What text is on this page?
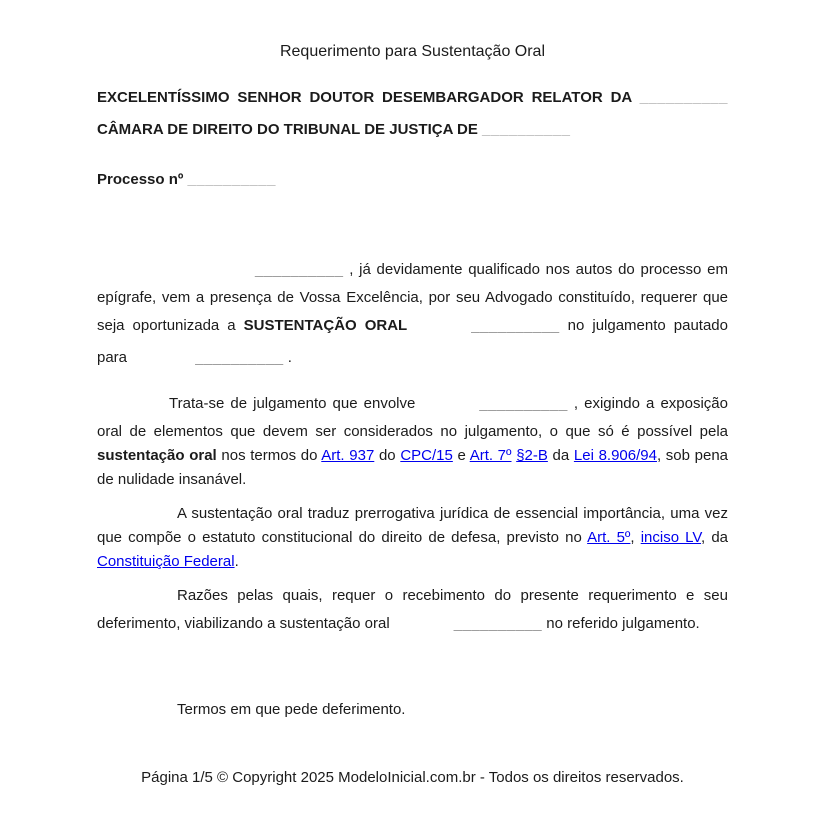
Requerimento para Sustentação Oral

EXCELENTÍSSIMO SENHOR DOUTOR DESEMBARGADOR RELATOR DA __________ CÂMARA DE DIREITO DO TRIBUNAL DE JUSTIÇA DE __________

Processo nº __________

__________ , já devidamente qualificado nos autos do processo em epígrafe, vem a presença de Vossa Excelência, por seu Advogado constituído, requerer que seja oportunizada a SUSTENTAÇÃO ORAL	__________ no julgamento pautado para	__________ .

Trata-se de julgamento que envolve	__________ , exigindo a exposição oral de elementos que devem ser considerados no julgamento, o que só é possível pela sustentação oral nos termos do Art. 937 do CPC/15 e Art. 7º §2-B da Lei 8.906/94, sob pena de nulidade insanável.

A sustentação oral traduz prerrogativa jurídica de essencial importância, uma vez que compõe o estatuto constitucional do direito de defesa, previsto no Art. 5º, inciso LV, da Constituição Federal.

Razões pelas quais, requer o recebimento do presente requerimento e seu deferimento, viabilizando a sustentação oral	__________ no referido julgamento.

Termos em que pede deferimento.

Página 1/5 © Copyright 2025 ModeloInicial.com.br - Todos os direitos reservados.
